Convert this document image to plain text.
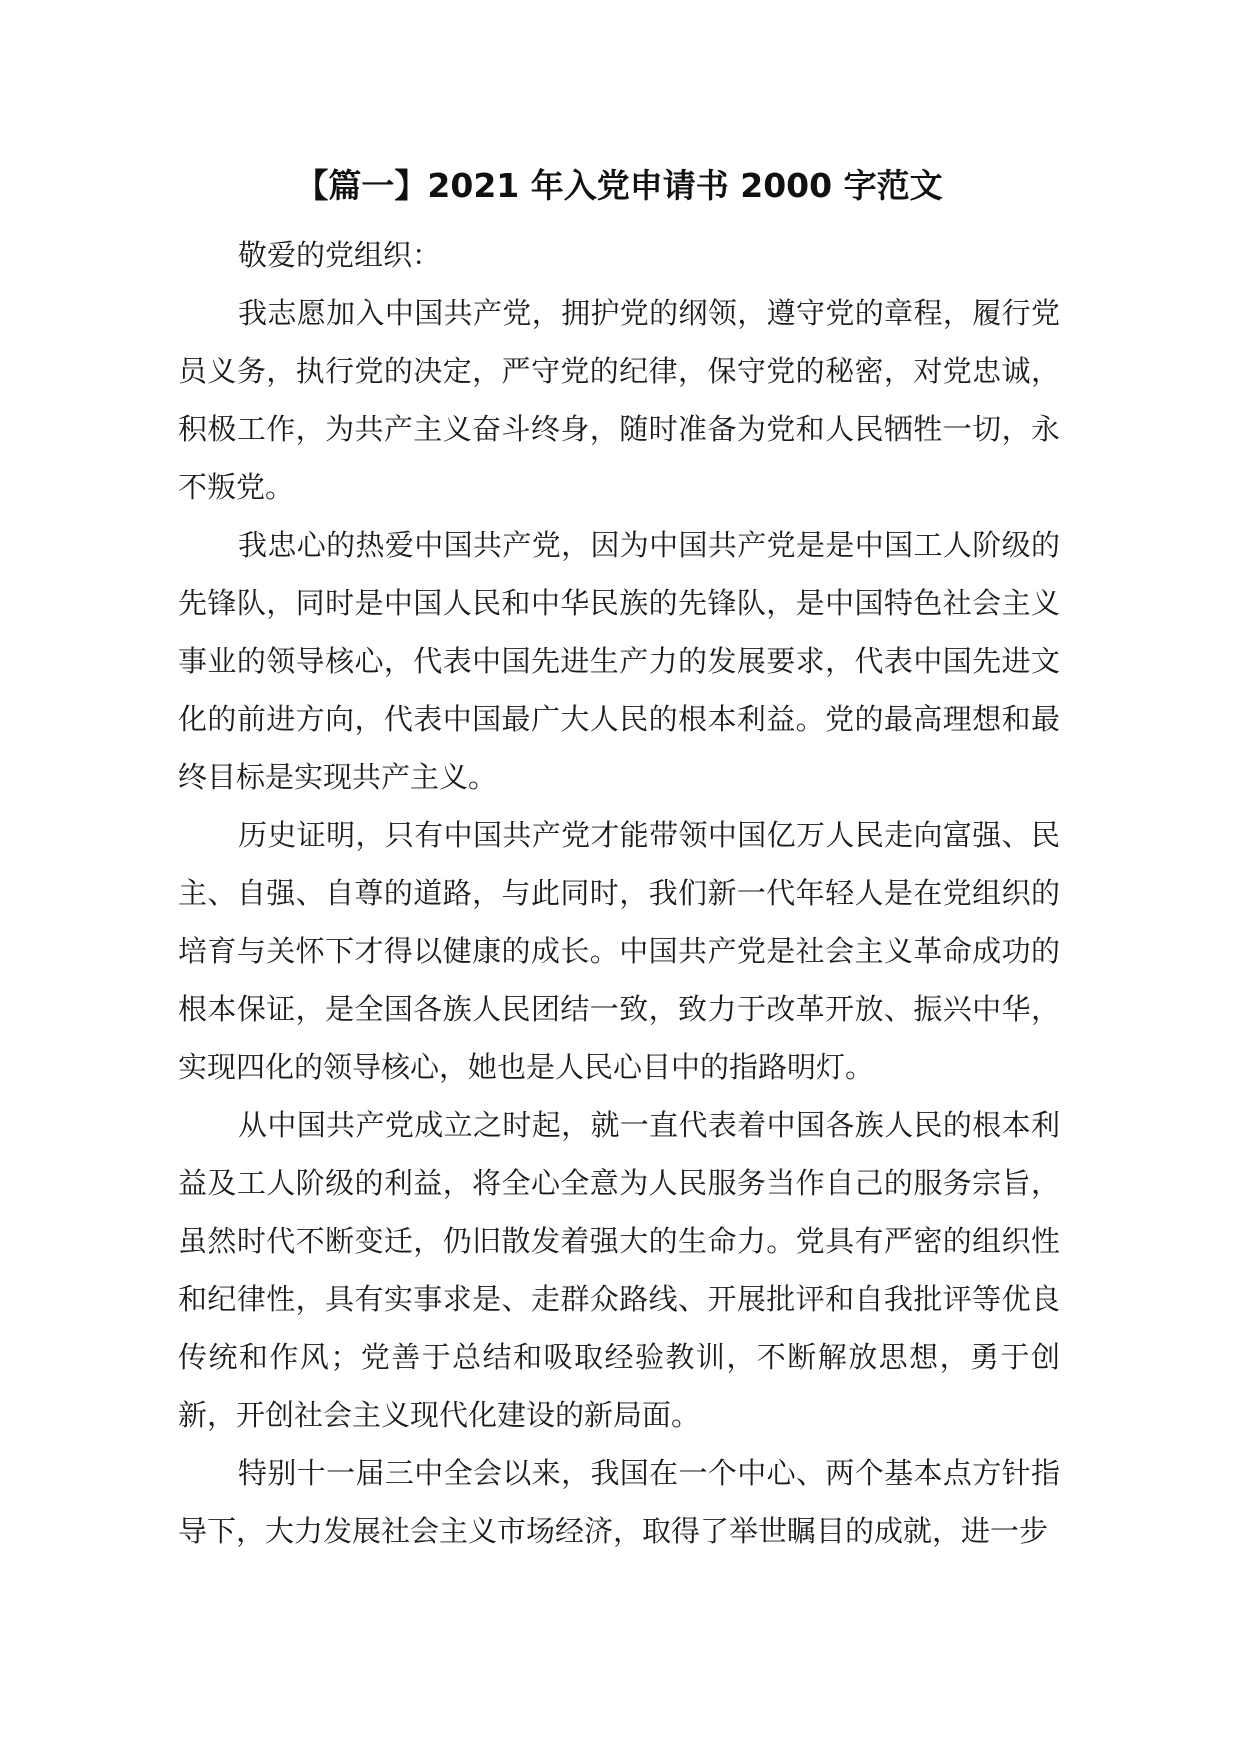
【篇一】2021 年入党申请书 2000 字范文

敬爱的党组织：

我志愿加入中国共产党，拥护党的纲领，遵守党的章程，履行党员义务，执行党的决定，严守党的纪律，保守党的秘密，对党忠诚，积极工作，为共产主义奋斗终身，随时准备为党和人民牺牲一切，永不叛党。

我忠心的热爱中国共产党，因为中国共产党是是中国工人阶级的先锋队，同时是中国人民和中华民族的先锋队，是中国特色社会主义事业的领导核心，代表中国先进生产力的发展要求，代表中国先进文化的前进方向，代表中国最广大人民的根本利益。党的最高理想和最终目标是实现共产主义。

历史证明，只有中国共产党才能带领中国亿万人民走向富强、民主、自强、自尊的道路，与此同时，我们新一代年轻人是在党组织的培育与关怀下才得以健康的成长。中国共产党是社会主义革命成功的根本保证，是全国各族人民团结一致，致力于改革开放、振兴中华，实现四化的领导核心，她也是人民心目中的指路明灯。

从中国共产党成立之时起，就一直代表着中国各族人民的根本利益及工人阶级的利益，将全心全意为人民服务当作自己的服务宗旨，虽然时代不断变迁，仍旧散发着强大的生命力。党具有严密的组织性和纪律性，具有实事求是、走群众路线、开展批评和自我批评等优良传统和作风；党善于总结和吸取经验教训，不断解放思想，勇于创新，开创社会主义现代化建设的新局面。

特别十一届三中全会以来，我国在一个中心、两个基本点方针指导下，大力发展社会主义市场经济，取得了举世瞩目的成就，进一步
